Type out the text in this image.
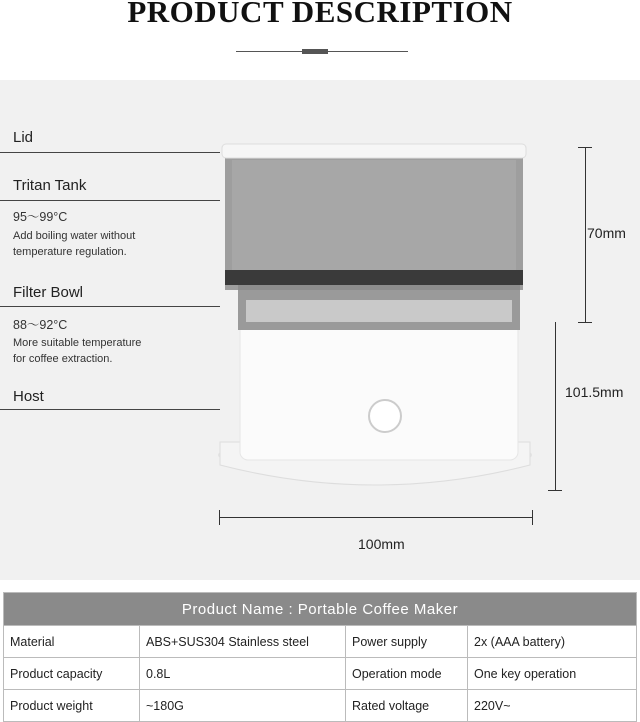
PRODUCT DESCRIPTION
Lid
Tritan Tank
95～99°C
Add boiling water without
temperature regulation.
Filter Bowl
88～92°C
More suitable temperature
for coffee extraction.
Host
70mm
101.5mm
100mm
Product Name : Portable Coffee Maker			
Material	ABS+SUS304 Stainless steel	Power supply	2x (AAA battery)
Product capacity	0.8L	Operation mode	One key operation
Product weight	~180G	Rated voltage	220V~
